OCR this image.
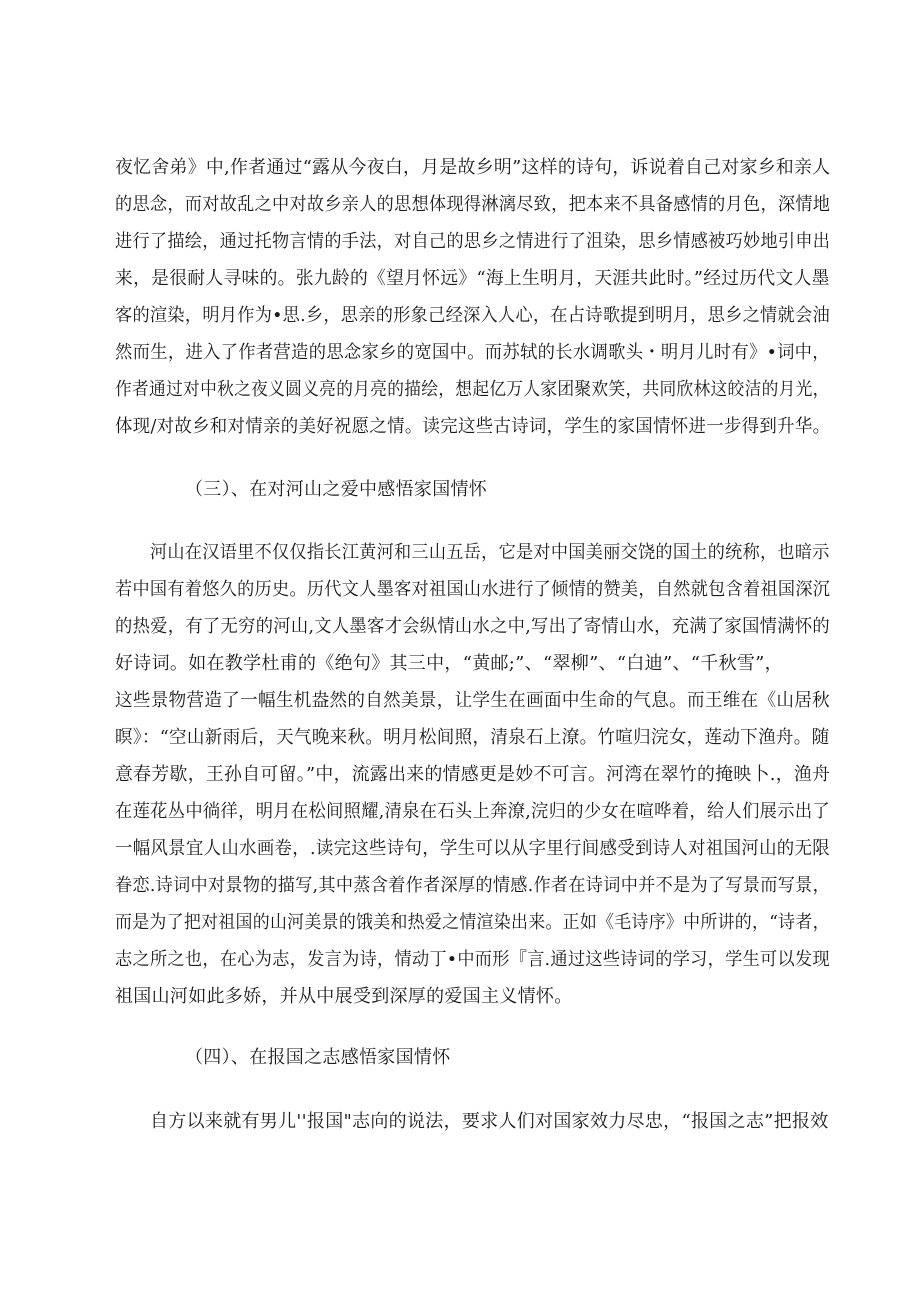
夜忆舍弟》中,作者通过“露从今夜白，月是故乡明”这样的诗句，诉说着自己对家乡和亲人
的思念，而对故乱之中对故乡亲人的思想体现得淋漓尽致，把本来不具备感情的月色，深情地
进行了描绘，通过托物言情的手法，对自己的思乡之情进行了沮染，思乡情感被巧妙地引申出
来，是很耐人寻味的。张九龄的《望月怀远》“海上生明月，天涯共此时。”经过历代文人墨
客的渲染，明月作为•思.乡，思亲的形象己经深入人心，在占诗歌提到明月，思乡之情就会油
然而生，进入了作者营造的思念家乡的宽国中。而苏轼的长水调歌头・明月儿时有》•词中，
作者通过对中秋之夜义圆义亮的月亮的描绘，想起亿万人家团聚欢笑，共同欣林这皎洁的月光，
体现/对故乡和对情亲的美好祝愿之情。读完这些古诗词，学生的家国情怀进一步得到升华。
（三）、在对河山之爱中感悟家国情怀
河山在汉语里不仅仅指长江黄河和三山五岳，它是对中国美丽交饶的国土的统称，也暗示
若中国有着悠久的历史。历代文人墨客对祖国山水进行了倾情的赞美，自然就包含着祖国深沉
的热爱，有了无穷的河山,文人墨客才会纵情山水之中,写出了寄情山水，充满了家国情满怀的
好诗词。如在教学杜甫的《绝句》其三中，“黄邮;”、“翠柳”、“白迪”、“千秋雪”，
这些景物营造了一幅生机盎然的自然美景，让学生在画面中生命的气息。而王维在《山居秋
暝》：“空山新雨后，天气晚来秋。明月松间照，清泉石上潦。竹喧归浣女，莲动下渔舟。随
意春芳歇，王孙自可留。”中，流露出来的情感更是妙不可言。河湾在翠竹的掩映卜.，渔舟
在莲花丛中徜徉，明月在松间照耀,清泉在石头上奔潦,浣归的少女在喧哗着，给人们展示出了
一幅风景宜人山水画卷，.读完这些诗句，学生可以从字里行间感受到诗人对祖国河山的无限
眷恋.诗词中对景物的描写,其中蒸含着作者深厚的情感.作者在诗词中并不是为了写景而写景，
而是为了把对祖国的山河美景的饿美和热爱之情渲染出来。正如《毛诗序》中所讲的，“诗者，
志之所之也，在心为志，发言为诗，情动丁•中而形『言.通过这些诗词的学习，学生可以发现
祖国山河如此多娇，并从中展受到深厚的爱国主义情怀。
（四）、在报国之志感悟家国情怀
自方以来就有男儿''报国"志向的说法，要求人们对国家效力尽忠，“报国之志”把报效
